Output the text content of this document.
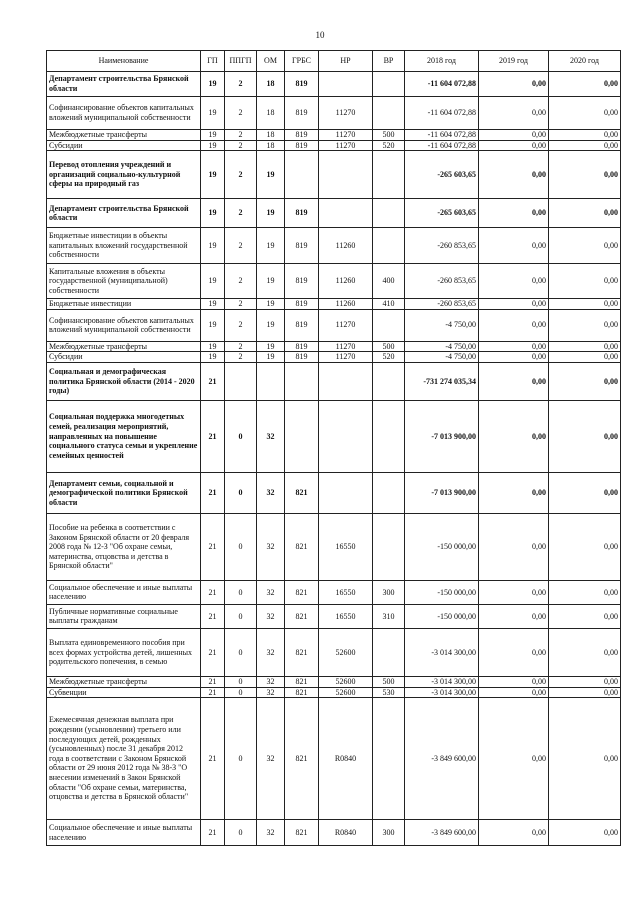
10
Наименование	ГП	ППГП	ОМ	ГРБС	НР	ВР	2018 год	2019 год	2020 год
Департамент строительства Брянской области	19	2	18	819			-11 604 072,88	0,00	0,00
Софинансирование объектов капитальных вложений муниципальной собственности	19	2	18	819	11270		-11 604 072,88	0,00	0,00
Межбюджетные трансферты	19	2	18	819	11270	500	-11 604 072,88	0,00	0,00
Субсидии	19	2	18	819	11270	520	-11 604 072,88	0,00	0,00
Перевод отопления учреждений и организаций социально-культурной сферы на природный газ	19	2	19				-265 603,65	0,00	0,00
Департамент строительства Брянской области	19	2	19	819			-265 603,65	0,00	0,00
Бюджетные инвестиции в объекты капитальных вложений государственной собственности	19	2	19	819	11260		-260 853,65	0,00	0,00
Капитальные вложения в объекты государственной (муниципальной) собственности	19	2	19	819	11260	400	-260 853,65	0,00	0,00
Бюджетные инвестиции	19	2	19	819	11260	410	-260 853,65	0,00	0,00
Софинансирование объектов капитальных вложений муниципальной собственности	19	2	19	819	11270		-4 750,00	0,00	0,00
Межбюджетные трансферты	19	2	19	819	11270	500	-4 750,00	0,00	0,00
Субсидии	19	2	19	819	11270	520	-4 750,00	0,00	0,00
Социальная и демографическая политика Брянской области (2014 - 2020 годы)	21						-731 274 035,34	0,00	0,00
Социальная поддержка многодетных семей, реализация мероприятий, направленных на повышение социального статуса семьи и укрепление семейных ценностей	21	0	32				-7 013 900,00	0,00	0,00
Департамент семьи, социальной и демографической политики Брянской области	21	0	32	821			-7 013 900,00	0,00	0,00
Пособие на ребенка в соответствии с Законом Брянской области от 20 февраля 2008 года № 12-З "Об охране семьи, материнства, отцовства и детства в Брянской области"	21	0	32	821	16550		-150 000,00	0,00	0,00
Социальное обеспечение и иные выплаты населению	21	0	32	821	16550	300	-150 000,00	0,00	0,00
Публичные нормативные социальные выплаты гражданам	21	0	32	821	16550	310	-150 000,00	0,00	0,00
Выплата единовременного пособия при всех формах устройства детей, лишенных родительского попечения, в семью	21	0	32	821	52600		-3 014 300,00	0,00	0,00
Межбюджетные трансферты	21	0	32	821	52600	500	-3 014 300,00	0,00	0,00
Субвенции	21	0	32	821	52600	530	-3 014 300,00	0,00	0,00
Ежемесячная денежная выплата при рождении (усыновлении) третьего или последующих детей, рожденных (усыновленных) после 31 декабря 2012 года в соответствии с Законом Брянской области от 29 июня 2012 года № 38-З "О внесении изменений в Закон Брянской области "Об охране семьи, материнства, отцовства и детства в Брянской области"	21	0	32	821	R0840		-3 849 600,00	0,00	0,00
Социальное обеспечение и иные выплаты населению	21	0	32	821	R0840	300	-3 849 600,00	0,00	0,00
